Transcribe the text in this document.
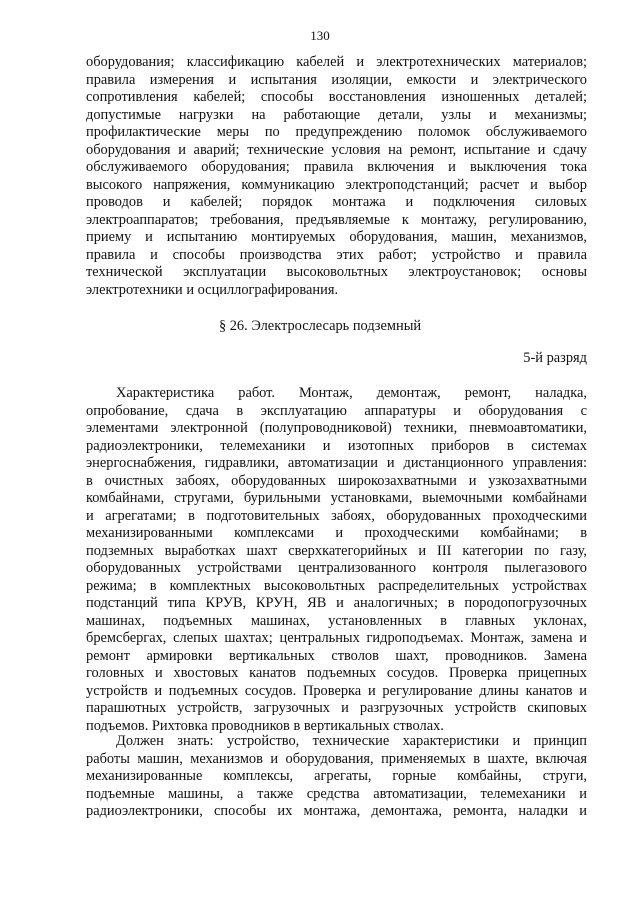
130

оборудования; классификацию кабелей и электротехнических материалов;

правила измерения и испытания изоляции, емкости и электрического

сопротивления кабелей; способы восстановления изношенных деталей;

допустимые нагрузки на работающие детали, узлы и механизмы;

профилактические меры по предупреждению поломок обслуживаемого

оборудования и аварий; технические условия на ремонт, испытание и сдачу

обслуживаемого оборудования; правила включения и выключения тока

высокого напряжения, коммуникацию электроподстанций; расчет и выбор

проводов и кабелей; порядок монтажа и подключения силовых

электроаппаратов; требования, предъявляемые к монтажу, регулированию,

приему и испытанию монтируемых оборудования, машин, механизмов,

правила и способы производства этих работ; устройство и правила

технической эксплуатации высоковольтных электроустановок; основы

электротехники и осциллографирования.

§ 26. Электрослесарь подземный
5-й разряд

Характеристика работ. Монтаж, демонтаж, ремонт, наладка,

опробование, сдача в эксплуатацию аппаратуры и оборудования с

элементами электронной (полупроводниковой) техники, пневмоавтоматики,

радиоэлектроники, телемеханики и изотопных приборов в системах

энергоснабжения, гидравлики, автоматизации и дистанционного управления:

в очистных забоях, оборудованных широкозахватными и узкозахватными

комбайнами, стругами, бурильными установками, выемочными комбайнами

и агрегатами; в подготовительных забоях, оборудованных проходческими

механизированными комплексами и проходческими комбайнами; в

подземных выработках шахт сверхкатегорийных и III категории по газу,

оборудованных устройствами централизованного контроля пылегазового

режима; в комплектных высоковольтных распределительных устройствах

подстанций типа КРУВ, КРУН, ЯВ и аналогичных; в породопогрузочных

машинах, подъемных машинах, установленных в главных уклонах,

бремсбергах, слепых шахтах; центральных гидроподъемах. Монтаж, замена и

ремонт армировки вертикальных стволов шахт, проводников. Замена

головных и хвостовых канатов подъемных сосудов. Проверка прицепных

устройств и подъемных сосудов. Проверка и регулирование длины канатов и

парашютных устройств, загрузочных и разгрузочных устройств скиповых

подъемов. Рихтовка проводников в вертикальных стволах.

Должен знать: устройство, технические характеристики и принцип

работы машин, механизмов и оборудования, применяемых в шахте, включая

механизированные комплексы, агрегаты, горные комбайны, струги,

подъемные машины, а также средства автоматизации, телемеханики и

радиоэлектроники, способы их монтажа, демонтажа, ремонта, наладки и
